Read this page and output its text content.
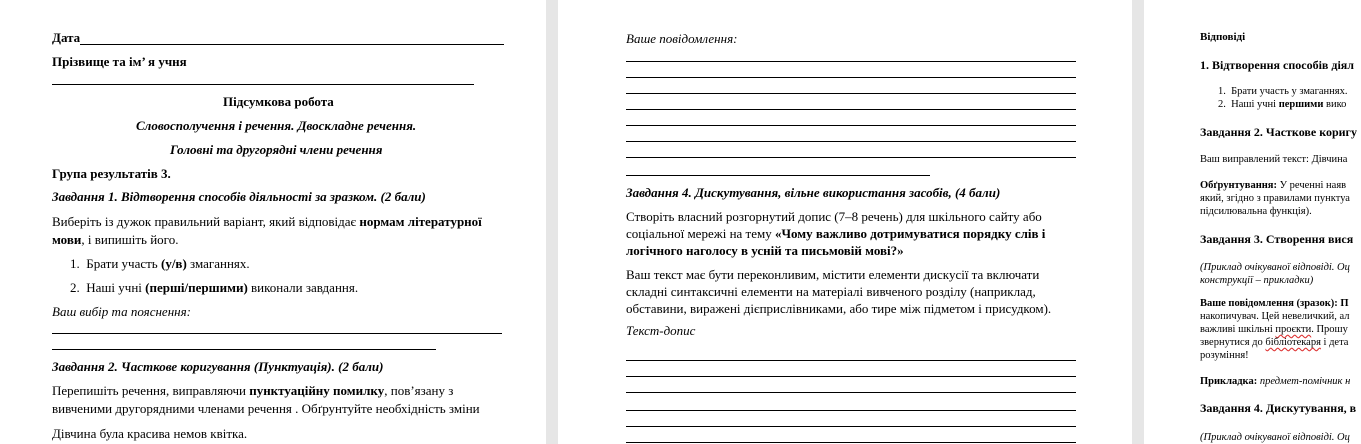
Дата
Прізвище та ім’ я учня
Підсумкова робота
Словосполучення і речення. Двоскладне речення.
Головні та другорядні члени речення
Група результатів 3.
Завдання 1. Відтворення способів діяльності за зразком. (2 бали)
Виберіть із дужок правильний варіант, який відповідає нормам літературної
мови, і випишіть його.
1. Брати участь (у/в) змаганнях.
2. Наші учні (перші/першими) виконали завдання.
Ваш вибір та пояснення:
Завдання 2. Часткове коригування (Пунктуація). (2 бали)
Перепишіть речення, виправляючи пунктуаційну помилку, пов’язану з
вивченими другорядними членами речення . Обґрунтуйте необхідність зміни
Дівчина була красива немов квітка.
Ваше повідомлення:
Завдання 4. Дискутування, вільне використання засобів, (4 бали)
Створіть власний розгорнутий допис (7–8 речень) для шкільного сайту або
соціальної мережі на тему «Чому важливо дотримуватися порядку слів і
логічного наголосу в усній та письмовій мові?»
Ваш текст має бути переконливим, містити елементи дискусії та включати
складні синтаксичні елементи на матеріалі вивченого розділу (наприклад,
обставини, виражені дієприслівниками, або тире між підметом і присудком).
Текст-допис
Відповіді
1. Відтворення способів діял
1. Брати участь у змаганнях.
2. Наші учні першими вико
Завдання 2. Часткове коригу
Ваш виправлений текст: Дівчина
Обґрунтування: У реченні наяв
який, згідно з правилами пунктуа
підсилювальна функція).
Завдання 3. Створення вися
(Приклад очікуваної відповіді. Оц
конструкції – прикладки)
Ваше повідомлення (зразок): П
накопичувач. Цей невеличкий, ал
важливі шкільні проєкти. Прошу
звернутися до бібліотекаря і дета
розуміння!
Прикладка: предмет-помічник н
Завдання 4. Дискутування, в
(Приклад очікуваної відповіді. Оц
